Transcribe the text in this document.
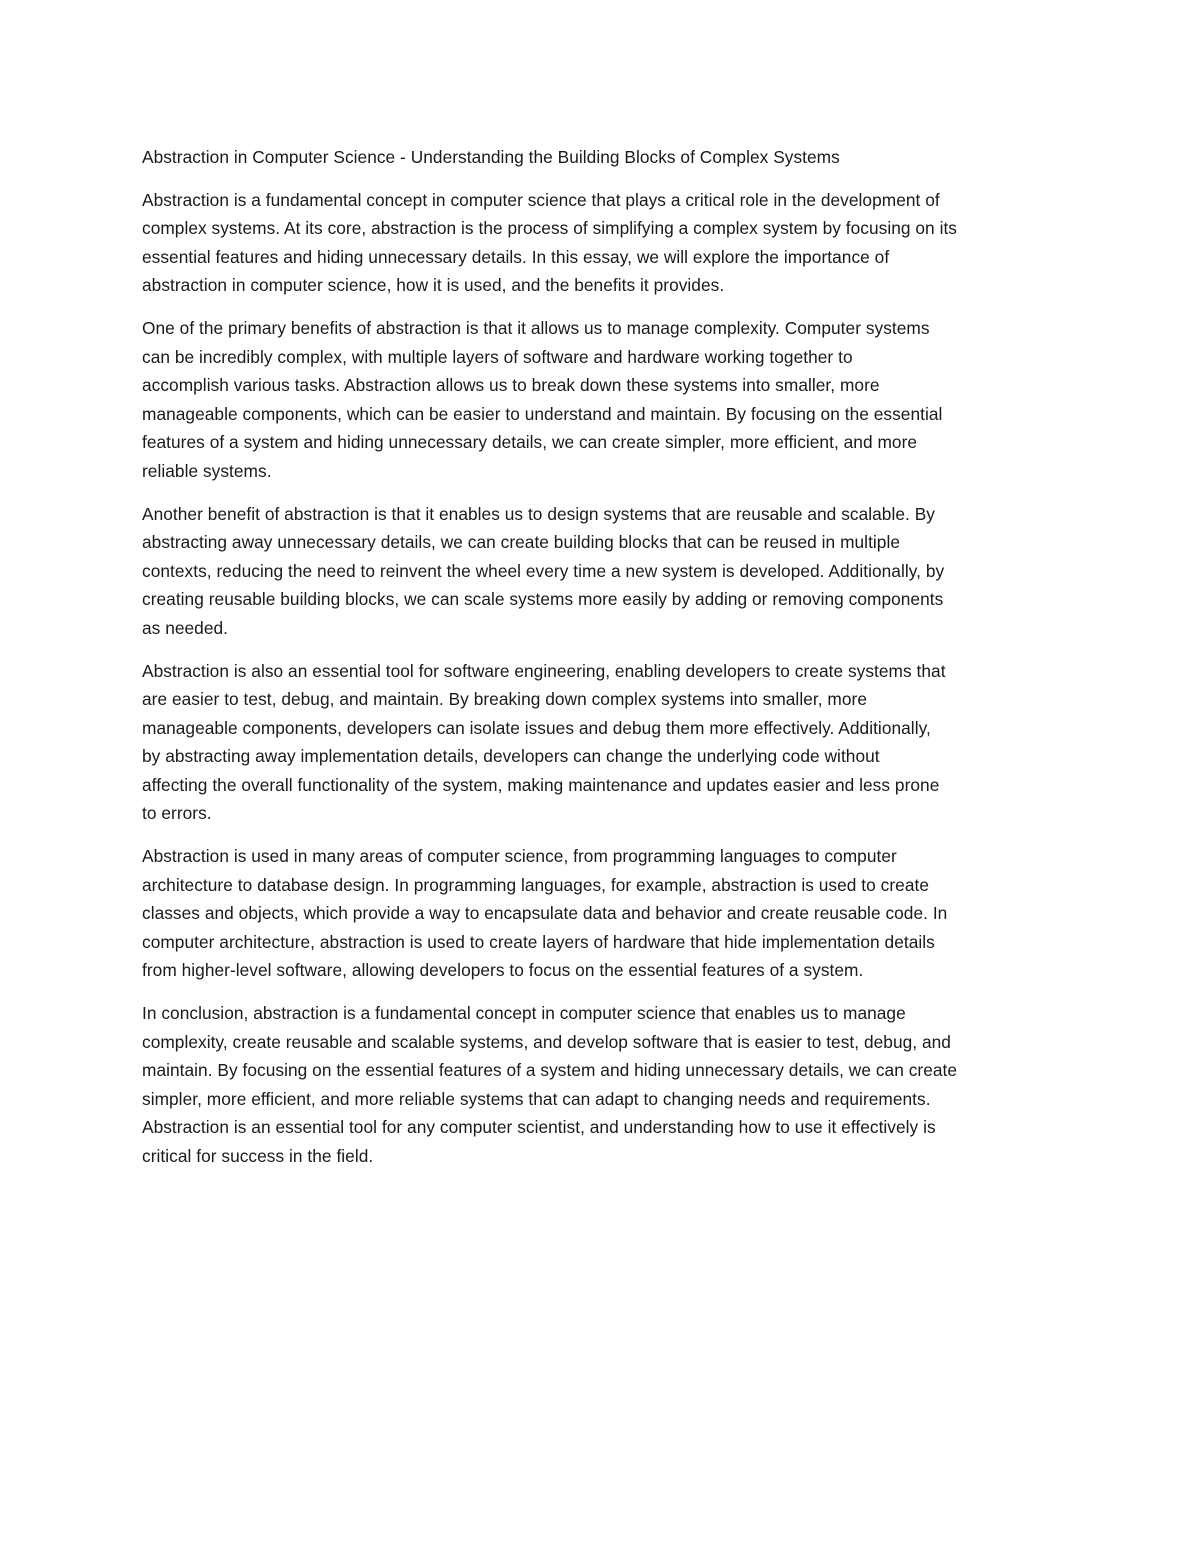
Abstraction in Computer Science - Understanding the Building Blocks of Complex Systems

Abstraction is a fundamental concept in computer science that plays a critical role in the development of
complex systems. At its core, abstraction is the process of simplifying a complex system by focusing on its
essential features and hiding unnecessary details. In this essay, we will explore the importance of
abstraction in computer science, how it is used, and the benefits it provides.

One of the primary benefits of abstraction is that it allows us to manage complexity. Computer systems
can be incredibly complex, with multiple layers of software and hardware working together to
accomplish various tasks. Abstraction allows us to break down these systems into smaller, more
manageable components, which can be easier to understand and maintain. By focusing on the essential
features of a system and hiding unnecessary details, we can create simpler, more efficient, and more
reliable systems.

Another benefit of abstraction is that it enables us to design systems that are reusable and scalable. By
abstracting away unnecessary details, we can create building blocks that can be reused in multiple
contexts, reducing the need to reinvent the wheel every time a new system is developed. Additionally, by
creating reusable building blocks, we can scale systems more easily by adding or removing components
as needed.

Abstraction is also an essential tool for software engineering, enabling developers to create systems that
are easier to test, debug, and maintain. By breaking down complex systems into smaller, more
manageable components, developers can isolate issues and debug them more effectively. Additionally,
by abstracting away implementation details, developers can change the underlying code without
affecting the overall functionality of the system, making maintenance and updates easier and less prone
to errors.

Abstraction is used in many areas of computer science, from programming languages to computer
architecture to database design. In programming languages, for example, abstraction is used to create
classes and objects, which provide a way to encapsulate data and behavior and create reusable code. In
computer architecture, abstraction is used to create layers of hardware that hide implementation details
from higher-level software, allowing developers to focus on the essential features of a system.

In conclusion, abstraction is a fundamental concept in computer science that enables us to manage
complexity, create reusable and scalable systems, and develop software that is easier to test, debug, and
maintain. By focusing on the essential features of a system and hiding unnecessary details, we can create
simpler, more efficient, and more reliable systems that can adapt to changing needs and requirements.
Abstraction is an essential tool for any computer scientist, and understanding how to use it effectively is
critical for success in the field.
